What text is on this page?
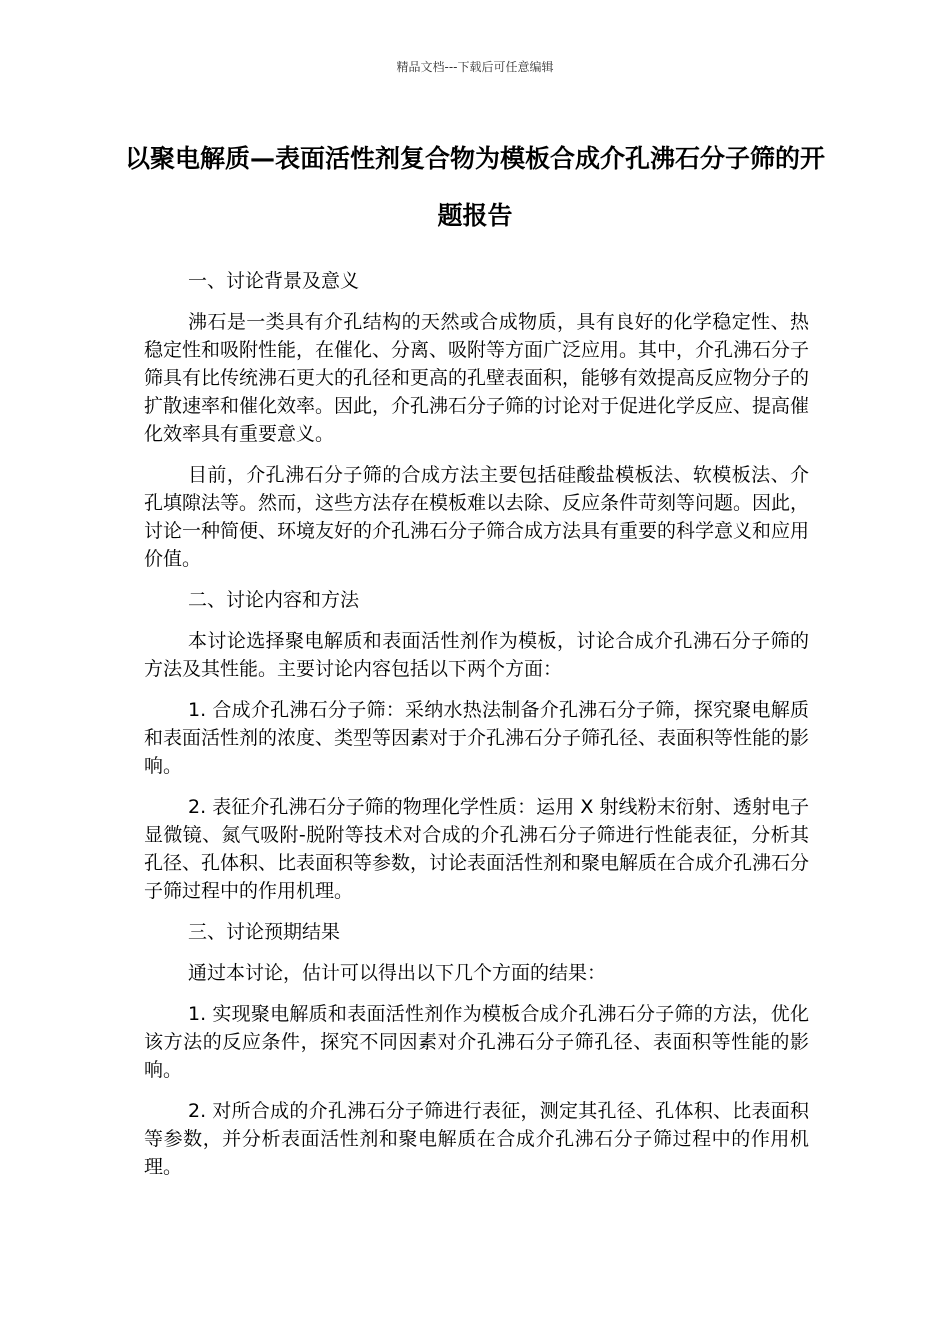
精品文档---下载后可任意编辑
以聚电解质—表面活性剂复合物为模板合成介孔沸石分子筛的开题报告

一、讨论背景及意义

沸石是一类具有介孔结构的天然或合成物质，具有良好的化学稳定性、热稳定性和吸附性能，在催化、分离、吸附等方面广泛应用。其中，介孔沸石分子筛具有比传统沸石更大的孔径和更高的孔壁表面积，能够有效提高反应物分子的扩散速率和催化效率。因此，介孔沸石分子筛的讨论对于促进化学反应、提高催化效率具有重要意义。

目前，介孔沸石分子筛的合成方法主要包括硅酸盐模板法、软模板法、介孔填隙法等。然而，这些方法存在模板难以去除、反应条件苛刻等问题。因此，讨论一种简便、环境友好的介孔沸石分子筛合成方法具有重要的科学意义和应用价值。

二、讨论内容和方法

本讨论选择聚电解质和表面活性剂作为模板，讨论合成介孔沸石分子筛的方法及其性能。主要讨论内容包括以下两个方面：

1. 合成介孔沸石分子筛：采纳水热法制备介孔沸石分子筛，探究聚电解质和表面活性剂的浓度、类型等因素对于介孔沸石分子筛孔径、表面积等性能的影响。

2. 表征介孔沸石分子筛的物理化学性质：运用 X 射线粉末衍射、透射电子显微镜、氮气吸附-脱附等技术对合成的介孔沸石分子筛进行性能表征，分析其孔径、孔体积、比表面积等参数，讨论表面活性剂和聚电解质在合成介孔沸石分子筛过程中的作用机理。

三、讨论预期结果

通过本讨论，估计可以得出以下几个方面的结果：

1. 实现聚电解质和表面活性剂作为模板合成介孔沸石分子筛的方法，优化该方法的反应条件，探究不同因素对介孔沸石分子筛孔径、表面积等性能的影响。

2. 对所合成的介孔沸石分子筛进行表征，测定其孔径、孔体积、比表面积等参数，并分析表面活性剂和聚电解质在合成介孔沸石分子筛过程中的作用机理。
